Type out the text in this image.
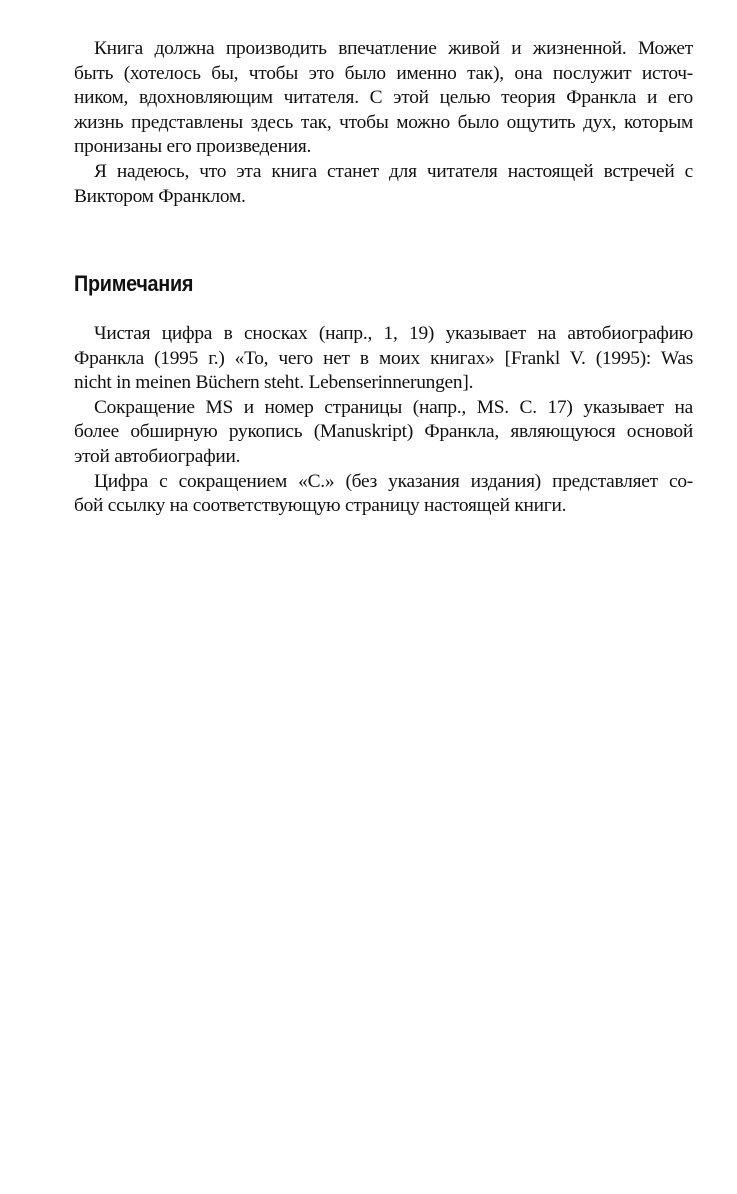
Книга должна производить впечатление живой и жизненной. Может
быть (хотелось бы, чтобы это было именно так), она послужит источ-
ником, вдохновляющим читателя. С этой целью теория Франкла и его
жизнь представлены здесь так, чтобы можно было ощутить дух, которым
пронизаны его произведения.

Я надеюсь, что эта книга станет для читателя настоящей встречей с
Виктором Франклом.

Примечания

Чистая цифра в сносках (напр., 1, 19) указывает на автобиографию
Франкла (1995 г.) «То, чего нет в моих книгах» [Frankl V. (1995): Was
nicht in meinen Büchern steht. Lebenserinnerungen].

Сокращение MS и номер страницы (напр., MS. С. 17) указывает на
более обширную рукопись (Manuskript) Франкла, являющуюся основой
этой автобиографии.

Цифра с сокращением «С.» (без указания издания) представляет со-
бой ссылку на соответствующую страницу настоящей книги.
